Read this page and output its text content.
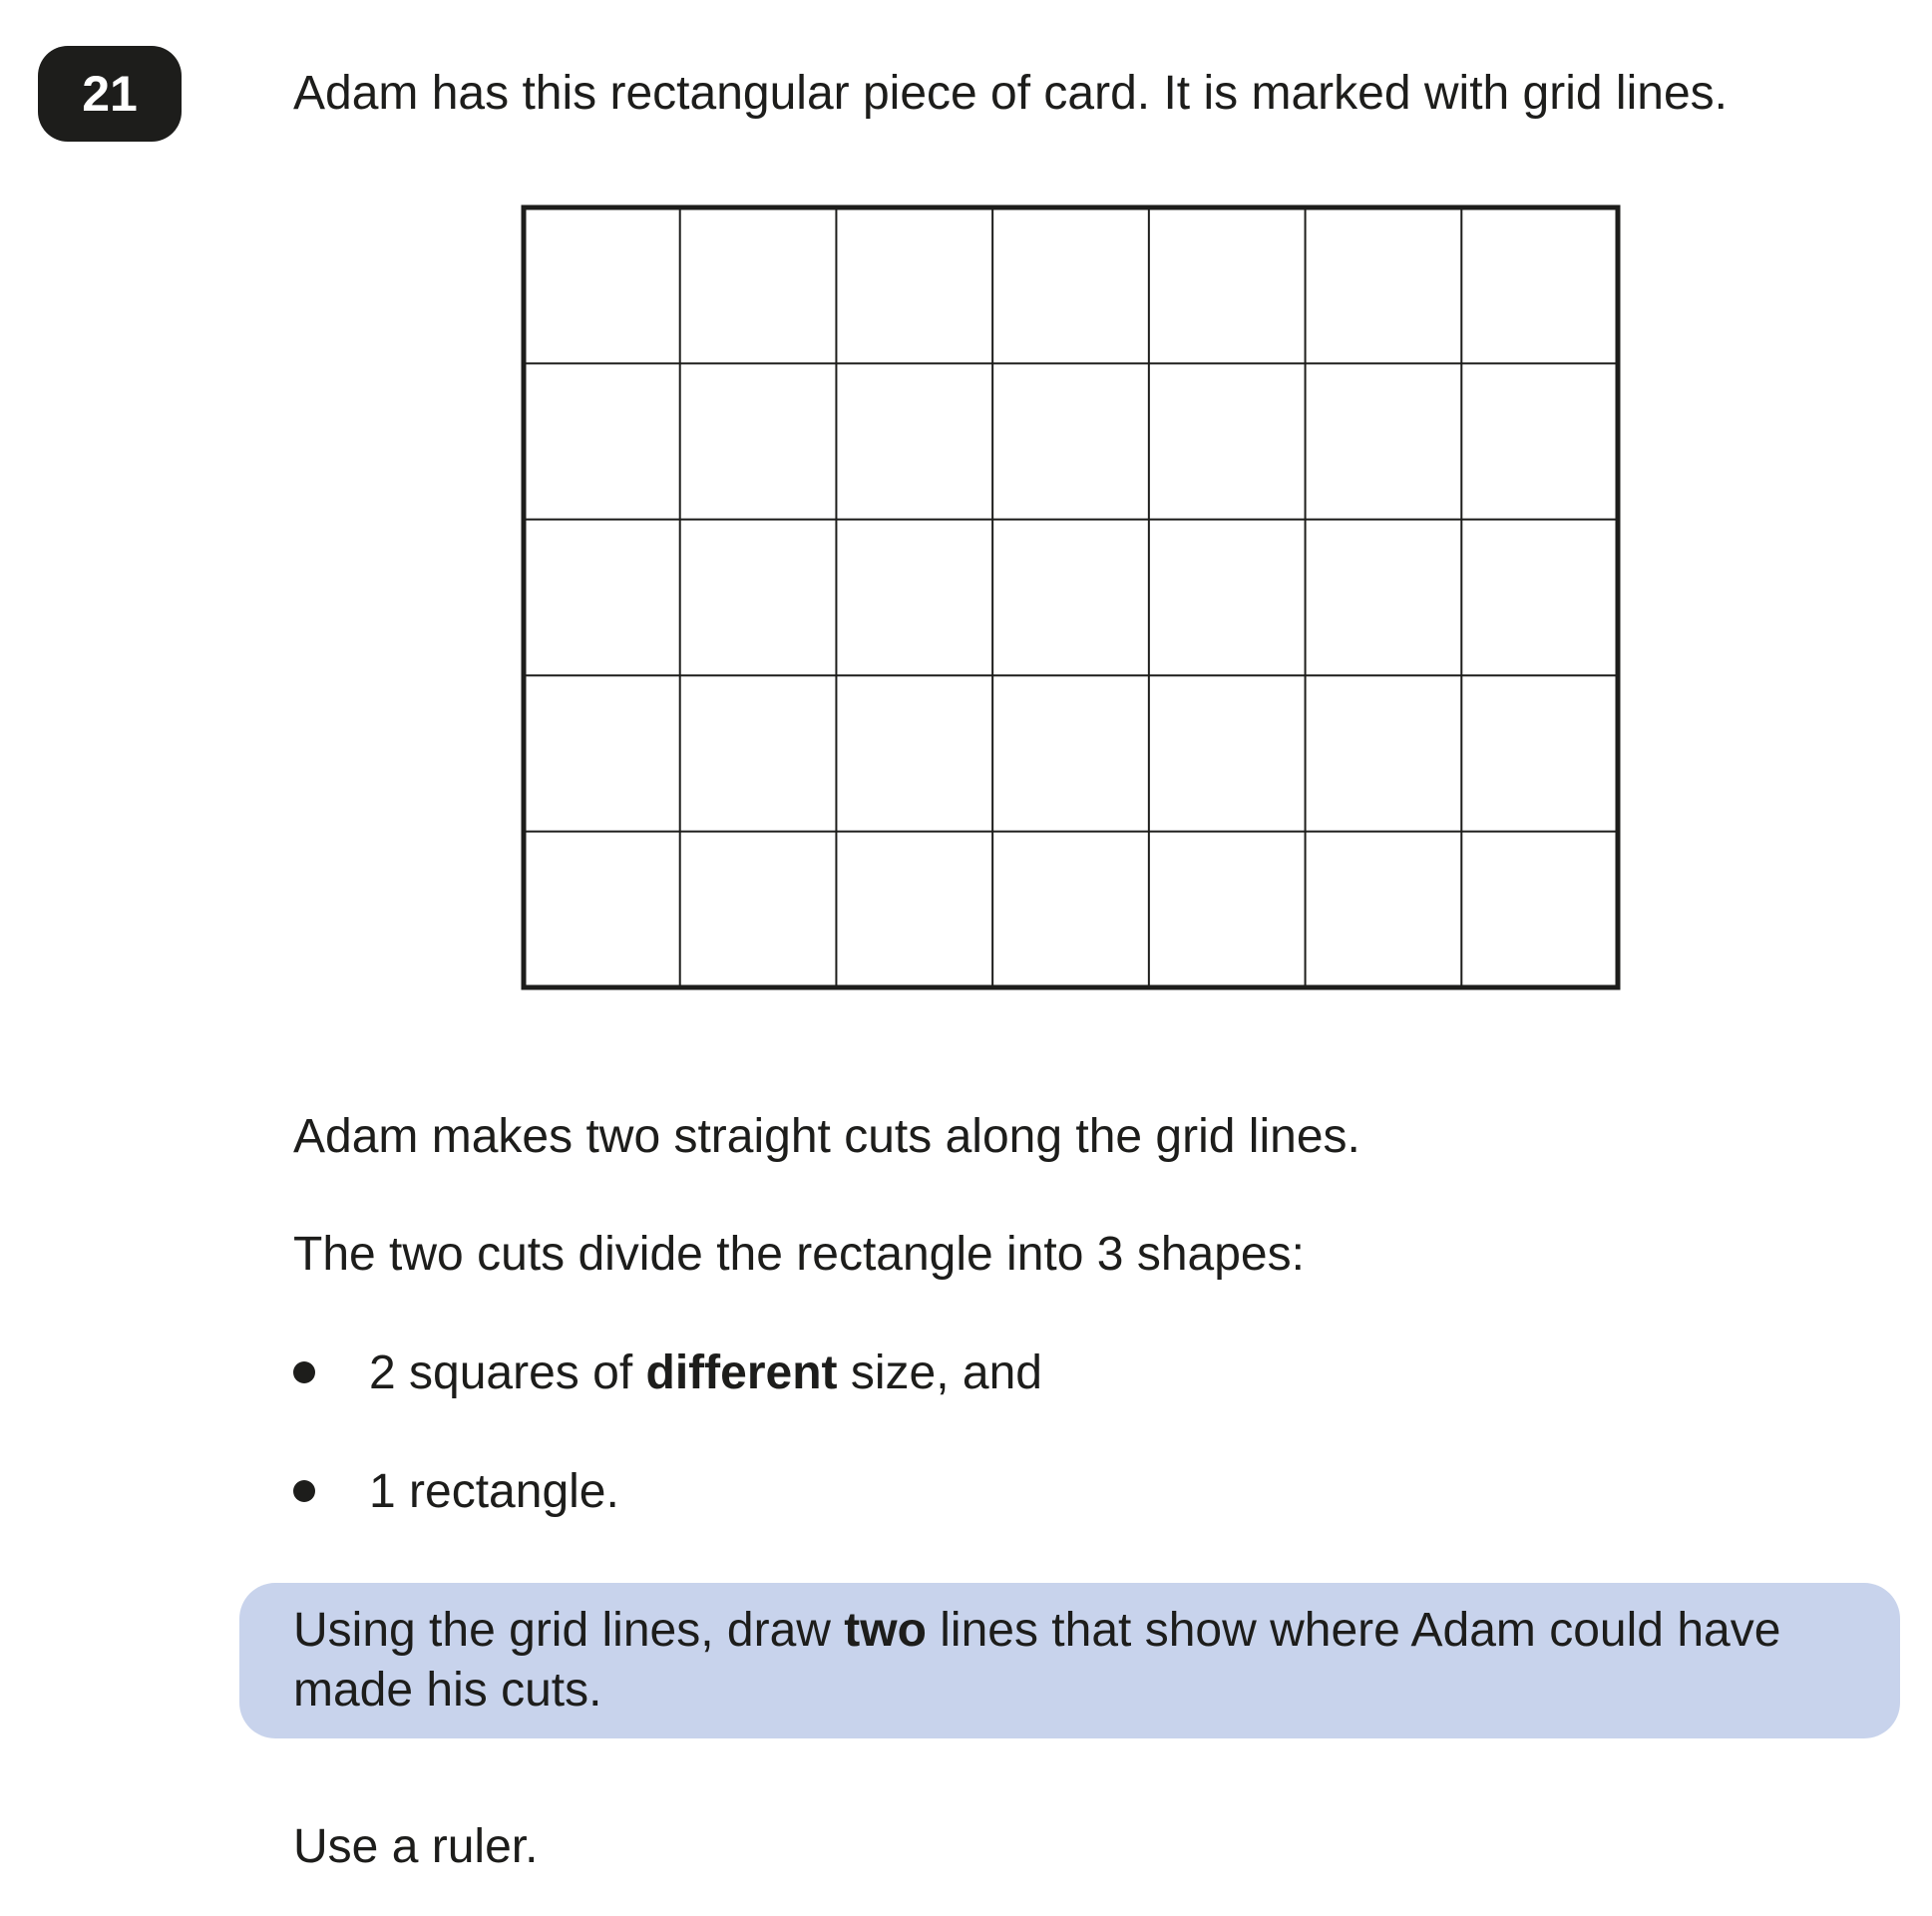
21	Adam has this rectangular piece of card. It is marked with grid lines.
Adam makes two straight cuts along the grid lines.
The two cuts divide the rectangle into 3 shapes:
2 squares of different size, and
1 rectangle.
Using the grid lines, draw two lines that show where Adam could have made his cuts.
Use a ruler.
